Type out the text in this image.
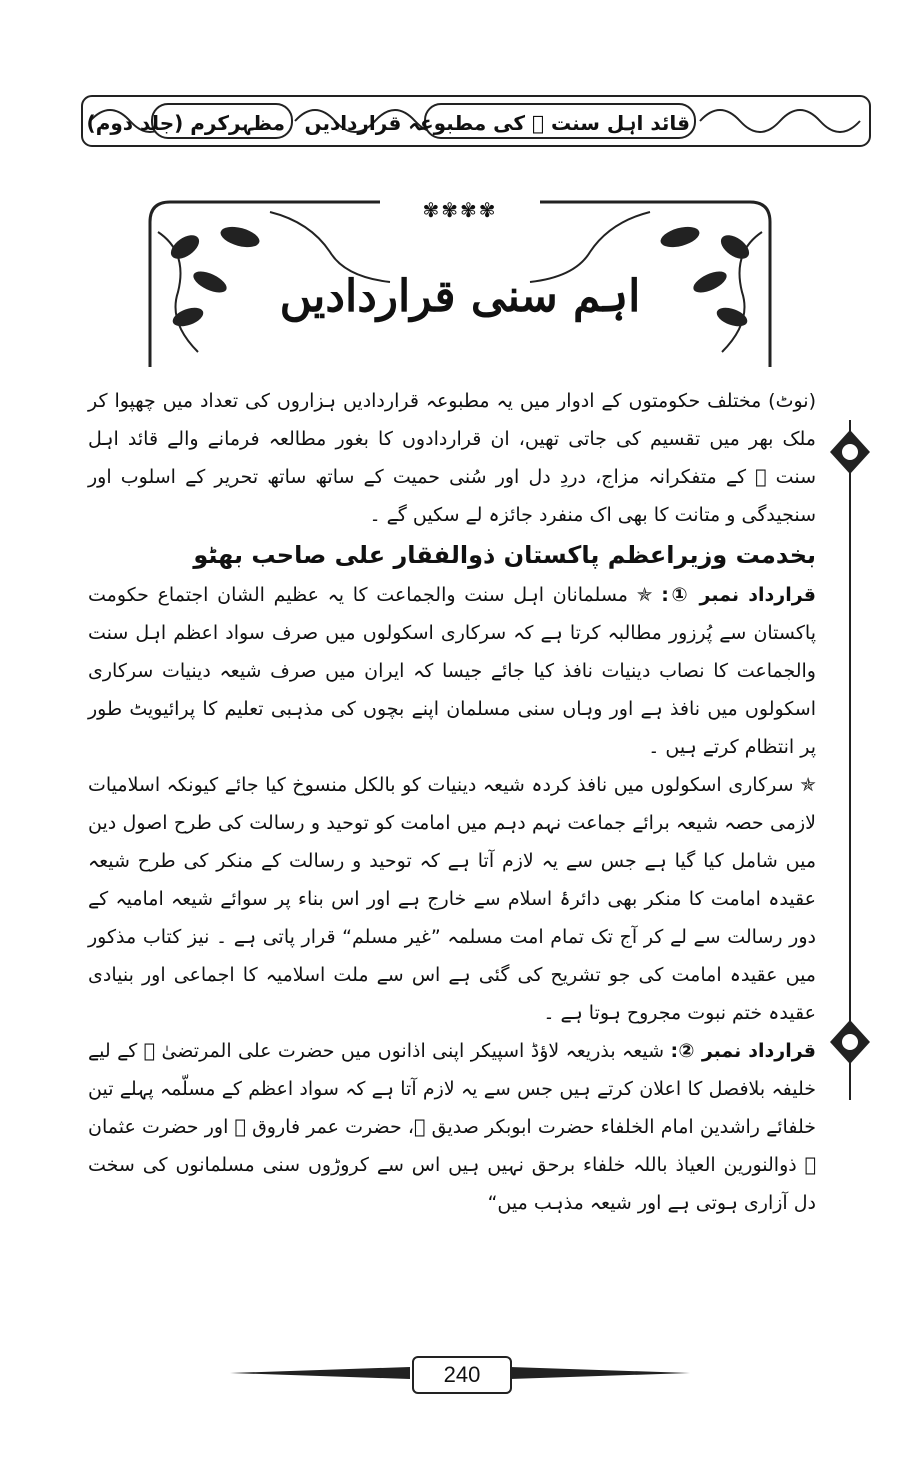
مظہرکرم (جلد دوم) قائد اہل سنت ﷫ کی مطبوعہ قراردادیں
✾✾✾✾
اہم سنی قراردادیں

(نوٹ) مختلف حکومتوں کے ادوار میں یہ مطبوعہ قراردادیں ہزاروں کی تعداد میں چھپوا کر ملک بھر میں تقسیم کی جاتی تھیں، ان قراردادوں کا بغور مطالعہ فرمانے والے قائد اہل سنت ﷫ کے متفکرانہ مزاج، دردِ دل اور سُنی حمیت کے ساتھ ساتھ تحریر کے اسلوب اور سنجیدگی و متانت کا بھی اک منفرد جائزہ لے سکیں گے ۔

بخدمت وزیراعظم پاکستان ذوالفقار علی صاحب بھٹو

قرارداد نمبر ①: ✯ مسلمانان اہل سنت والجماعت کا یہ عظیم الشان اجتماع حکومت پاکستان سے پُرزور مطالبہ کرتا ہے کہ سرکاری اسکولوں میں صرف سواد اعظم اہل سنت والجماعت کا نصاب دینیات نافذ کیا جائے جیسا کہ ایران میں صرف شیعہ دینیات سرکاری اسکولوں میں نافذ ہے اور وہاں سنی مسلمان اپنے بچوں کی مذہبی تعلیم کا پرائیویٹ طور پر انتظام کرتے ہیں ۔

✯ سرکاری اسکولوں میں نافذ کردہ شیعہ دینیات کو بالکل منسوخ کیا جائے کیونکہ اسلامیات لازمی حصہ شیعہ برائے جماعت نہم دہم میں امامت کو توحید و رسالت کی طرح اصول دین میں شامل کیا گیا ہے جس سے یہ لازم آتا ہے کہ توحید و رسالت کے منکر کی طرح شیعہ عقیدہ امامت کا منکر بھی دائرۂ اسلام سے خارج ہے اور اس بناء پر سوائے شیعہ امامیہ کے دور رسالت سے لے کر آج تک تمام امت مسلمہ ”غیر مسلم“ قرار پاتی ہے ۔ نیز کتاب مذکور میں عقیدہ امامت کی جو تشریح کی گئی ہے اس سے ملت اسلامیہ کا اجماعی اور بنیادی عقیدہ ختم نبوت مجروح ہوتا ہے ۔

قرارداد نمبر ②: شیعہ بذریعہ لاؤڈ اسپیکر اپنی اذانوں میں حضرت علی المرتضیٰ ﷜ کے لیے خلیفہ بلافصل کا اعلان کرتے ہیں جس سے یہ لازم آتا ہے کہ سواد اعظم کے مسلّمہ پہلے تین خلفائے راشدین امام الخلفاء حضرت ابوبکر صدیق ﷜، حضرت عمر فاروق ﷜ اور حضرت عثمان ﷜ ذوالنورین العیاذ باللہ خلفاء برحق نہیں ہیں اس سے کروڑوں سنی مسلمانوں کی سخت دل آزاری ہوتی ہے اور شیعہ مذہب میں“

240
